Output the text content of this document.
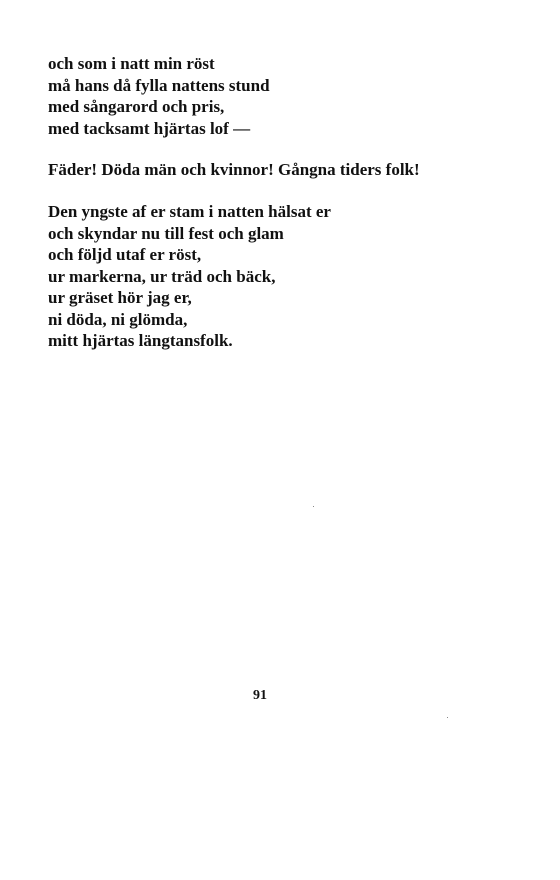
och som i natt min röst
må hans då fylla nattens stund
med sångarord och pris,
med tacksamt hjärtas lof —
Fäder! Döda män och kvinnor! Gångna tiders folk!
Den yngste af er stam i natten hälsat er
och skyndar nu till fest och glam
och följd utaf er röst,
ur markerna, ur träd och bäck,
ur gräset hör jag er,
ni döda, ni glömda,
mitt hjärtas längtansfolk.
91
